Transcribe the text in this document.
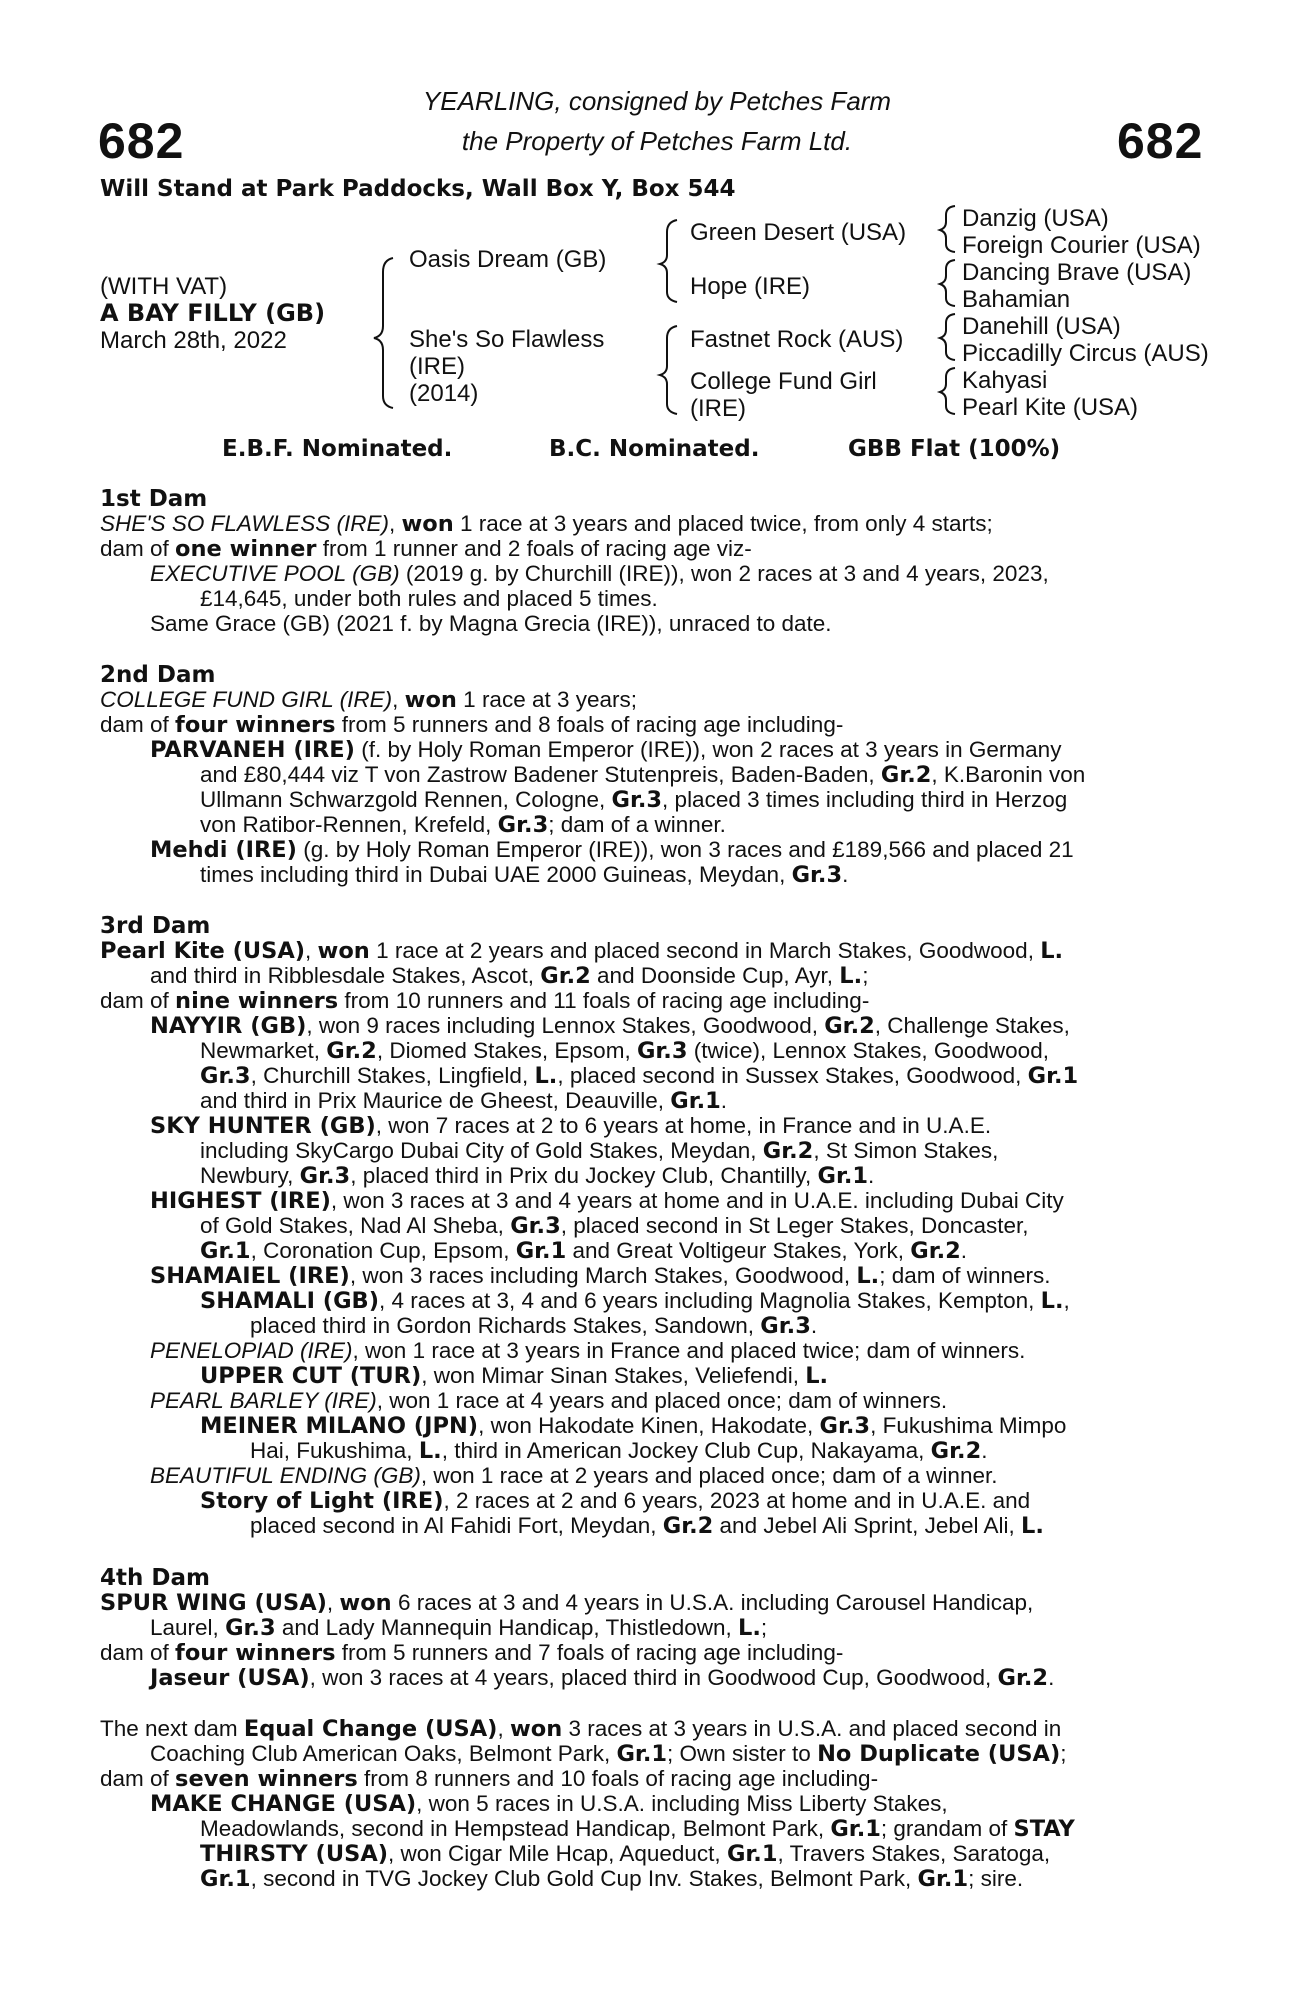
682	682
YEARLING, consigned by Petches Farm
the Property of Petches Farm Ltd.
Will Stand at Park Paddocks, Wall Box Y, Box 544
(WITH VAT)
A BAY FILLY (GB)
March 28th, 2022
Oasis Dream (GB)
She's So Flawless
(IRE)
(2014)
Green Desert (USA)
Hope (IRE)
Fastnet Rock (AUS)
College Fund Girl
(IRE)
Danzig (USA)
Foreign Courier (USA)
Dancing Brave (USA)
Bahamian
Danehill (USA)
Piccadilly Circus (AUS)
Kahyasi
Pearl Kite (USA)
E.B.F. Nominated.	B.C. Nominated.	GBB Flat (100%)
1st Dam
SHE'S SO FLAWLESS (IRE), won 1 race at 3 years and placed twice, from only 4 starts;
dam of one winner from 1 runner and 2 foals of racing age viz-
EXECUTIVE POOL (GB) (2019 g. by Churchill (IRE)), won 2 races at 3 and 4 years, 2023,
£14,645, under both rules and placed 5 times.
Same Grace (GB) (2021 f. by Magna Grecia (IRE)), unraced to date.
2nd Dam
COLLEGE FUND GIRL (IRE), won 1 race at 3 years;
dam of four winners from 5 runners and 8 foals of racing age including-
PARVANEH (IRE) (f. by Holy Roman Emperor (IRE)), won 2 races at 3 years in Germany
and £80,444 viz T von Zastrow Badener Stutenpreis, Baden-Baden, Gr.2, K.Baronin von
Ullmann Schwarzgold Rennen, Cologne, Gr.3, placed 3 times including third in Herzog
von Ratibor-Rennen, Krefeld, Gr.3; dam of a winner.
Mehdi (IRE) (g. by Holy Roman Emperor (IRE)), won 3 races and £189,566 and placed 21
times including third in Dubai UAE 2000 Guineas, Meydan, Gr.3.
3rd Dam
Pearl Kite (USA), won 1 race at 2 years and placed second in March Stakes, Goodwood, L.
and third in Ribblesdale Stakes, Ascot, Gr.2 and Doonside Cup, Ayr, L.;
dam of nine winners from 10 runners and 11 foals of racing age including-
NAYYIR (GB), won 9 races including Lennox Stakes, Goodwood, Gr.2, Challenge Stakes,
Newmarket, Gr.2, Diomed Stakes, Epsom, Gr.3 (twice), Lennox Stakes, Goodwood,
Gr.3, Churchill Stakes, Lingfield, L., placed second in Sussex Stakes, Goodwood, Gr.1
and third in Prix Maurice de Gheest, Deauville, Gr.1.
SKY HUNTER (GB), won 7 races at 2 to 6 years at home, in France and in U.A.E.
including SkyCargo Dubai City of Gold Stakes, Meydan, Gr.2, St Simon Stakes,
Newbury, Gr.3, placed third in Prix du Jockey Club, Chantilly, Gr.1.
HIGHEST (IRE), won 3 races at 3 and 4 years at home and in U.A.E. including Dubai City
of Gold Stakes, Nad Al Sheba, Gr.3, placed second in St Leger Stakes, Doncaster,
Gr.1, Coronation Cup, Epsom, Gr.1 and Great Voltigeur Stakes, York, Gr.2.
SHAMAIEL (IRE), won 3 races including March Stakes, Goodwood, L.; dam of winners.
SHAMALI (GB), 4 races at 3, 4 and 6 years including Magnolia Stakes, Kempton, L.,
placed third in Gordon Richards Stakes, Sandown, Gr.3.
PENELOPIAD (IRE), won 1 race at 3 years in France and placed twice; dam of winners.
UPPER CUT (TUR), won Mimar Sinan Stakes, Veliefendi, L.
PEARL BARLEY (IRE), won 1 race at 4 years and placed once; dam of winners.
MEINER MILANO (JPN), won Hakodate Kinen, Hakodate, Gr.3, Fukushima Mimpo
Hai, Fukushima, L., third in American Jockey Club Cup, Nakayama, Gr.2.
BEAUTIFUL ENDING (GB), won 1 race at 2 years and placed once; dam of a winner.
Story of Light (IRE), 2 races at 2 and 6 years, 2023 at home and in U.A.E. and
placed second in Al Fahidi Fort, Meydan, Gr.2 and Jebel Ali Sprint, Jebel Ali, L.
4th Dam
SPUR WING (USA), won 6 races at 3 and 4 years in U.S.A. including Carousel Handicap,
Laurel, Gr.3 and Lady Mannequin Handicap, Thistledown, L.;
dam of four winners from 5 runners and 7 foals of racing age including-
Jaseur (USA), won 3 races at 4 years, placed third in Goodwood Cup, Goodwood, Gr.2.
The next dam Equal Change (USA), won 3 races at 3 years in U.S.A. and placed second in
Coaching Club American Oaks, Belmont Park, Gr.1; Own sister to No Duplicate (USA);
dam of seven winners from 8 runners and 10 foals of racing age including-
MAKE CHANGE (USA), won 5 races in U.S.A. including Miss Liberty Stakes,
Meadowlands, second in Hempstead Handicap, Belmont Park, Gr.1; grandam of STAY
THIRSTY (USA), won Cigar Mile Hcap, Aqueduct, Gr.1, Travers Stakes, Saratoga,
Gr.1, second in TVG Jockey Club Gold Cup Inv. Stakes, Belmont Park, Gr.1; sire.
